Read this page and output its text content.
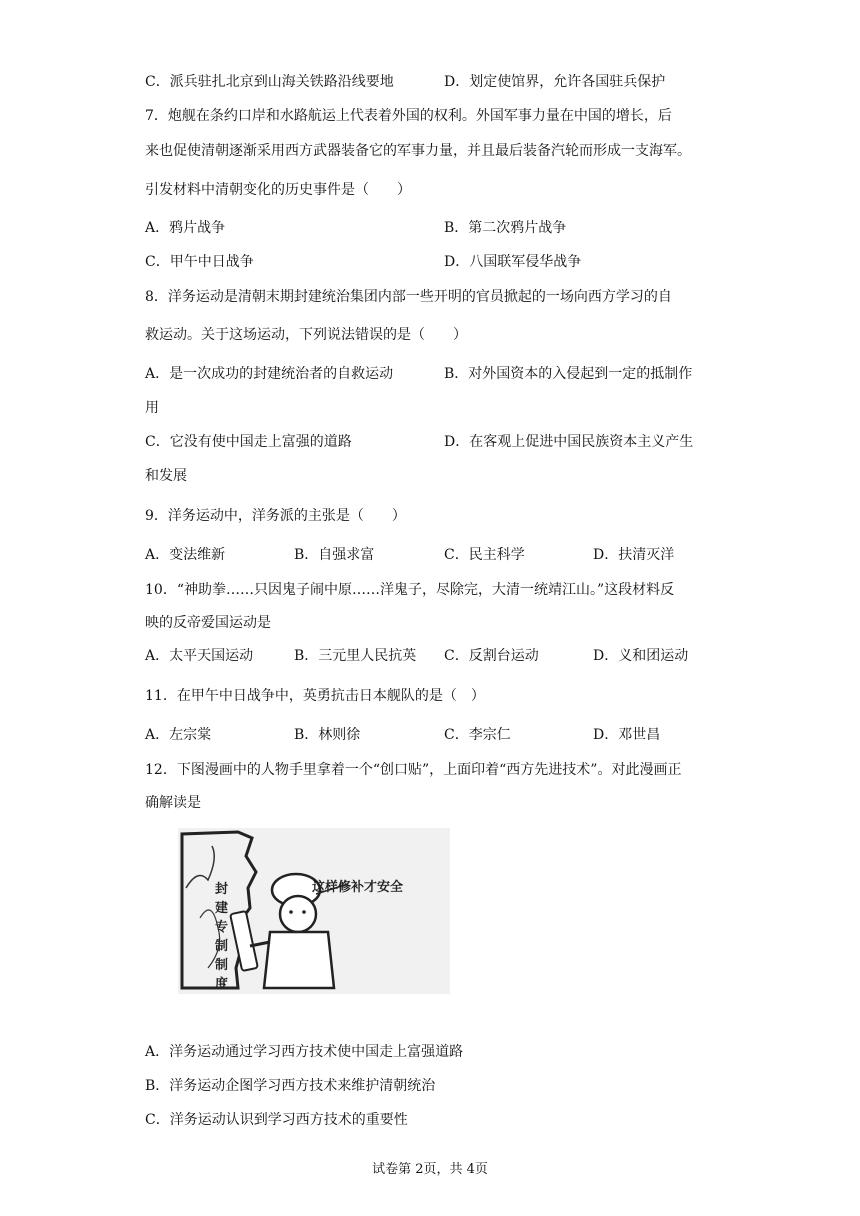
C．派兵驻扎北京到山海关铁路沿线要地	D．划定使馆界，允许各国驻兵保护
7．炮舰在条约口岸和水路航运上代表着外国的权利。外国军事力量在中国的增长，后
来也促使清朝逐渐采用西方武器装备它的军事力量，并且最后装备汽轮而形成一支海军。
引发材料中清朝变化的历史事件是（　　）
A．鸦片战争	B．第二次鸦片战争
C．甲午中日战争	D．八国联军侵华战争
8．洋务运动是清朝末期封建统治集团内部一些开明的官员掀起的一场向西方学习的自
救运动。关于这场运动，下列说法错误的是（　　）
A．是一次成功的封建统治者的自救运动	B．对外国资本的入侵起到一定的抵制作
用
C．它没有使中国走上富强的道路	D．在客观上促进中国民族资本主义产生
和发展
9．洋务运动中，洋务派的主张是（　　）
A．变法维新	B．自强求富	C．民主科学	D．扶清灭洋
10．“神助拳……只因鬼子闹中原……洋鬼子，尽除完，大清一统靖江山。”这段材料反
映的反帝爱国运动是
A．太平天国运动	B．三元里人民抗英 C．反割台运动	D．义和团运动
11．在甲午中日战争中，英勇抗击日本舰队的是（　）
A．左宗棠	B．林则徐	C．李宗仁	D．邓世昌
12．下图漫画中的人物手里拿着一个“创口贴”，上面印着“西方先进技术”。对此漫画正
确解读是
这样修补才安全
封
建
专
制
制
度
A．洋务运动通过学习西方技术使中国走上富强道路
B．洋务运动企图学习西方技术来维护清朝统治
C．洋务运动认识到学习西方技术的重要性
试卷第 2页，共 4页
